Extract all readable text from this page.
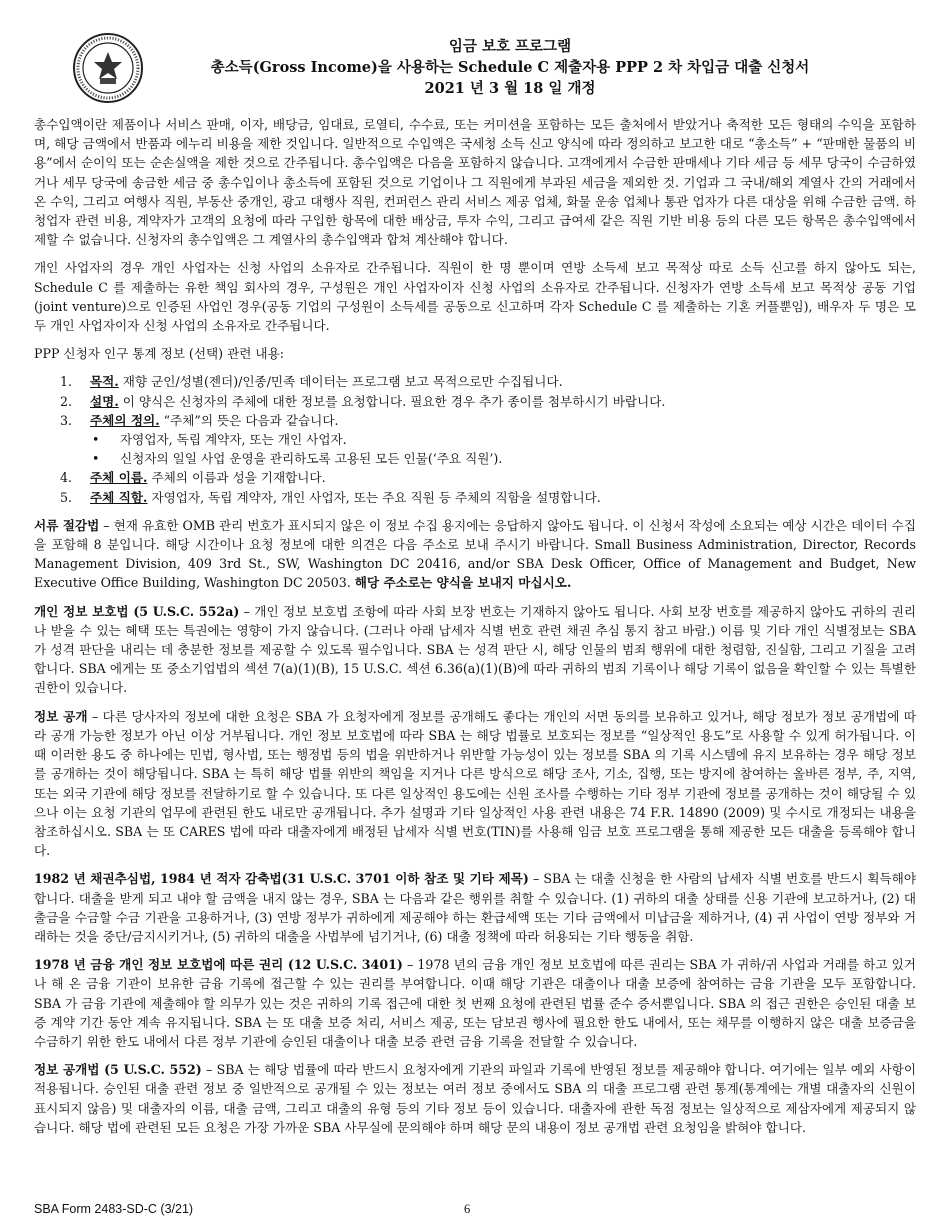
임금 보호 프로그램
총소득(Gross Income)을 사용하는 Schedule C 제출자용 PPP 2 차 차입금 대출 신청서
2021 년 3 월 18 일 개정

총수입액이란 제품이나 서비스 판매, 이자, 배당금, 임대료, 로열티, 수수료, 또는 커미션을 포함하는 모든 출처에서 받았거나 축적한 모든 형태의 수익을 포함하며, 해당 금액에서 반품과 에누리 비용을 제한 것입니다. 일반적으로 수입액은 국세청 소득 신고 양식에 따라 정의하고 보고한 대로 “총소득” + “판매한 물품의 비용”에서 순이익 또는 순손실액을 제한 것으로 간주됩니다. 총수입액은 다음을 포함하지 않습니다. 고객에게서 수금한 판매세나 기타 세금 등 세무 당국이 수금하였거나 세무 당국에 송금한 세금 중 총수입이나 총소득에 포함된 것으로 기업이나 그 직원에게 부과된 세금을 제외한 것. 기업과 그 국내/해외 계열사 간의 거래에서 온 수익, 그리고 여행사 직원, 부동산 중개인, 광고 대행사 직원, 컨퍼런스 관리 서비스 제공 업체, 화물 운송 업체나 통관 업자가 다른 대상을 위해 수금한 금액. 하청업자 관련 비용, 계약자가 고객의 요청에 따라 구입한 항목에 대한 배상금, 투자 수익, 그리고 급여세 같은 직원 기반 비용 등의 다른 모든 항목은 총수입액에서 제할 수 없습니다. 신청자의 총수입액은 그 계열사의 총수입액과 합쳐 계산해야 합니다.

개인 사업자의 경우 개인 사업자는 신청 사업의 소유자로 간주됩니다. 직원이 한 명 뿐이며 연방 소득세 보고 목적상 따로 소득 신고를 하지 않아도 되는, Schedule C 를 제출하는 유한 책임 회사의 경우, 구성원은 개인 사업자이자 신청 사업의 소유자로 간주됩니다. 신청자가 연방 소득세 보고 목적상 공동 기업(joint venture)으로 인증된 사업인 경우(공동 기업의 구성원이 소득세를 공동으로 신고하며 각자 Schedule C 를 제출하는 기혼 커플뿐임), 배우자 두 명은 모두 개인 사업자이자 신청 사업의 소유자로 간주됩니다.

PPP 신청자 인구 통계 정보 (선택) 관련 내용:

1. 목적. 재향 군인/성별(젠더)/인종/민족 데이터는 프로그램 보고 목적으로만 수집됩니다.
2. 설명. 이 양식은 신청자의 주체에 대한 정보를 요청합니다. 필요한 경우 추가 종이를 첨부하시기 바랍니다.
3. 주체의 정의. “주체”의 뜻은 다음과 같습니다.
• 자영업자, 독립 계약자, 또는 개인 사업자.
• 신청자의 일일 사업 운영을 관리하도록 고용된 모든 인물(‘주요 직원’).
4. 주체 이름. 주체의 이름과 성을 기재합니다.
5. 주체 직함. 자영업자, 독립 계약자, 개인 사업자, 또는 주요 직원 등 주체의 직함을 설명합니다.

서류 절감법 – 현재 유효한 OMB 관리 번호가 표시되지 않은 이 정보 수집 용지에는 응답하지 않아도 됩니다. 이 신청서 작성에 소요되는 예상 시간은 데이터 수집을 포함해 8 분입니다. 해당 시간이나 요청 정보에 대한 의견은 다음 주소로 보내 주시기 바랍니다. Small Business Administration, Director, Records Management Division, 409 3rd St., SW, Washington DC 20416, and/or SBA Desk Officer, Office of Management and Budget, New Executive Office Building, Washington DC 20503. 해당 주소로는 양식을 보내지 마십시오.

개인 정보 보호법 (5 U.S.C. 552a) – 개인 정보 보호법 조항에 따라 사회 보장 번호는 기재하지 않아도 됩니다. 사회 보장 번호를 제공하지 않아도 귀하의 권리나 받을 수 있는 혜택 또는 특권에는 영향이 가지 않습니다. (그러나 아래 납세자 식별 번호 관련 채권 추심 통지 참고 바람.) 이름 및 기타 개인 식별정보는 SBA 가 성격 판단을 내리는 데 충분한 정보를 제공할 수 있도록 필수입니다. SBA 는 성격 판단 시, 해당 인물의 범죄 행위에 대한 청렴함, 진실함, 그리고 기질을 고려합니다. SBA 에게는 또 중소기업법의 섹션 7(a)(1)(B), 15 U.S.C. 섹션 6.36(a)(1)(B)에 따라 귀하의 범죄 기록이나 해당 기록이 없음을 확인할 수 있는 특별한 권한이 있습니다.

정보 공개 – 다른 당사자의 정보에 대한 요청은 SBA 가 요청자에게 정보를 공개해도 좋다는 개인의 서면 동의를 보유하고 있거나, 해당 정보가 정보 공개법에 따라 공개 가능한 정보가 아닌 이상 거부됩니다. 개인 정보 보호법에 따라 SBA 는 해당 법률로 보호되는 정보를 “일상적인 용도”로 사용할 수 있게 허가됩니다. 이때 이러한 용도 중 하나에는 민법, 형사법, 또는 행정법 등의 법을 위반하거나 위반할 가능성이 있는 정보를 SBA 의 기록 시스템에 유지 보유하는 경우 해당 정보를 공개하는 것이 해당됩니다. SBA 는 특히 해당 법률 위반의 책임을 지거나 다른 방식으로 해당 조사, 기소, 집행, 또는 방지에 참여하는 올바른 정부, 주, 지역, 또는 외국 기관에 해당 정보를 전달하기로 할 수 있습니다. 또 다른 일상적인 용도에는 신원 조사를 수행하는 기타 정부 기관에 정보를 공개하는 것이 해당될 수 있으나 이는 요청 기관의 업무에 관련된 한도 내로만 공개됩니다. 추가 설명과 기타 일상적인 사용 관련 내용은 74 F.R. 14890 (2009) 및 수시로 개정되는 내용을 참조하십시오. SBA 는 또 CARES 법에 따라 대출자에게 배정된 납세자 식별 번호(TIN)를 사용해 임금 보호 프로그램을 통해 제공한 모든 대출을 등록해야 합니다.

1982 년 채권추심법, 1984 년 적자 감축법(31 U.S.C. 3701 이하 참조 및 기타 제목) – SBA 는 대출 신청을 한 사람의 납세자 식별 번호를 반드시 획득해야 합니다. 대출을 받게 되고 내야 할 금액을 내지 않는 경우, SBA 는 다음과 같은 행위를 취할 수 있습니다. (1) 귀하의 대출 상태를 신용 기관에 보고하거나, (2) 대출금을 수금할 수금 기관을 고용하거나, (3) 연방 정부가 귀하에게 제공해야 하는 환급세액 또는 기타 금액에서 미납금을 제하거나, (4) 귀 사업이 연방 정부와 거래하는 것을 중단/금지시키거나, (5) 귀하의 대출을 사법부에 넘기거나, (6) 대출 정책에 따라 허용되는 기타 행동을 취함.

1978 년 금융 개인 정보 보호법에 따른 권리 (12 U.S.C. 3401) – 1978 년의 금융 개인 정보 보호법에 따른 권리는 SBA 가 귀하/귀 사업과 거래를 하고 있거나 해 온 금융 기관이 보유한 금융 기록에 접근할 수 있는 권리를 부여합니다. 이때 해당 기관은 대출이나 대출 보증에 참여하는 금융 기관을 모두 포함합니다. SBA 가 금융 기관에 제출해야 할 의무가 있는 것은 귀하의 기록 접근에 대한 첫 번째 요청에 관련된 법률 준수 증서뿐입니다. SBA 의 접근 권한은 승인된 대출 보증 계약 기간 동안 계속 유지됩니다. SBA 는 또 대출 보증 처리, 서비스 제공, 또는 담보권 행사에 필요한 한도 내에서, 또는 채무를 이행하지 않은 대출 보증금을 수금하기 위한 한도 내에서 다른 정부 기관에 승인된 대출이나 대출 보증 관련 금융 기록을 전달할 수 있습니다.

정보 공개법 (5 U.S.C. 552) – SBA 는 해당 법률에 따라 반드시 요청자에게 기관의 파일과 기록에 반영된 정보를 제공해야 합니다. 여기에는 일부 예외 사항이 적용됩니다. 승인된 대출 관련 정보 중 일반적으로 공개될 수 있는 정보는 여러 정보 중에서도 SBA 의 대출 프로그램 관련 통계(통계에는 개별 대출자의 신원이 표시되지 않음) 및 대출자의 이름, 대출 금액, 그리고 대출의 유형 등의 기타 정보 등이 있습니다. 대출자에 관한 독점 정보는 일상적으로 제삼자에게 제공되지 않습니다. 해당 법에 관련된 모든 요청은 가장 가까운 SBA 사무실에 문의해야 하며 해당 문의 내용이 정보 공개법 관련 요청임을 밝혀야 합니다.

SBA Form 2483-SD-C (3/21)	6
